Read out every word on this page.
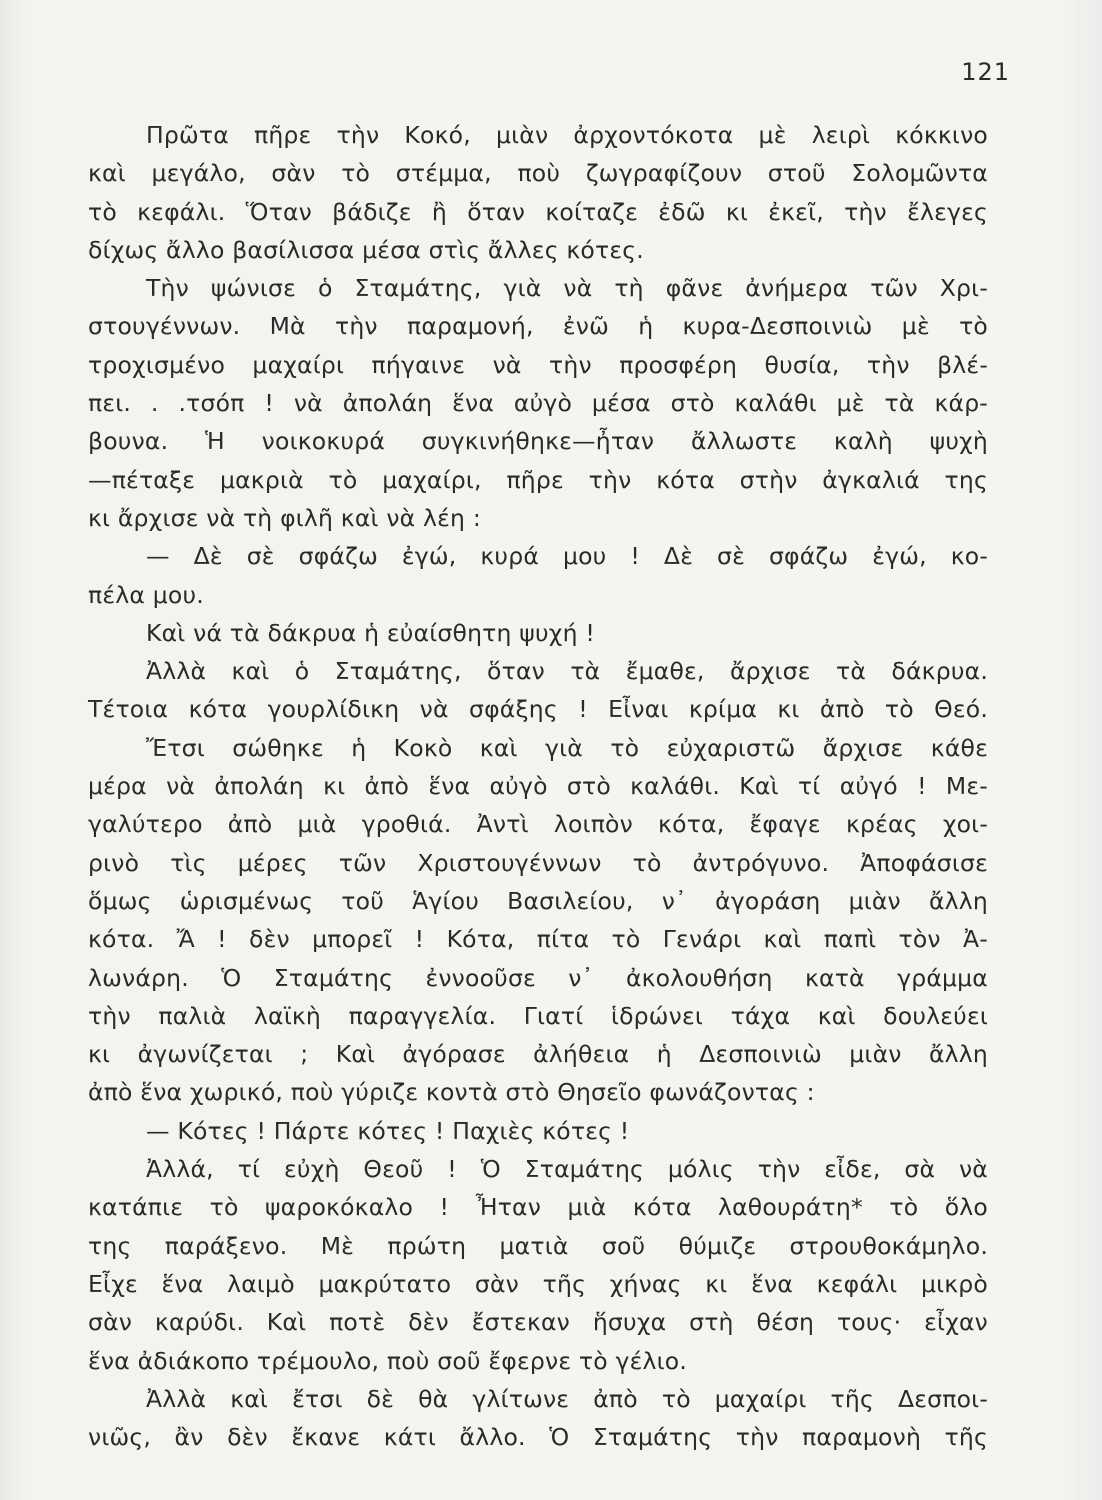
121
Πρῶτα πῆρε τὴν Κοκό, μιὰν ἀρχοντόκοτα μὲ λειρὶ κόκκινο
καὶ μεγάλο, σὰν τὸ στέμμα, ποὺ ζωγραφίζουν στοῦ Σολομῶντα
τὸ κεφάλι. Ὅταν βάδιζε ἢ ὅταν κοίταζε ἐδῶ κι ἐκεῖ, τὴν ἔλεγες
δίχως ἄλλο βασίλισσα μέσα στὶς ἄλλες κότες.
Τὴν ψώνισε ὁ Σταμάτης, γιὰ νὰ τὴ φᾶνε ἀνήμερα τῶν Χρι-
στουγέννων. Μὰ τὴν παραμονή, ἐνῶ ἡ κυρα-Δεσποινιὼ μὲ τὸ
τροχισμένο μαχαίρι πήγαινε νὰ τὴν προσφέρη θυσία, τὴν βλέ-
πει. . .τσόπ ! νὰ ἀπολάη ἕνα αὐγὸ μέσα στὸ καλάθι μὲ τὰ κάρ-
βουνα. Ἡ νοικοκυρά συγκινήθηκε—ἦταν ἄλλωστε καλὴ ψυχὴ
—πέταξε μακριὰ τὸ μαχαίρι, πῆρε τὴν κότα στὴν ἀγκαλιά της
κι ἄρχισε νὰ τὴ φιλῆ καὶ νὰ λέη :
— Δὲ σὲ σφάζω ἐγώ, κυρά μου ! Δὲ σὲ σφάζω ἐγώ, κο-
πέλα μου.
Καὶ νά τὰ δάκρυα ἡ εὐαίσθητη ψυχή !
Ἀλλὰ καὶ ὁ Σταμάτης, ὅταν τὰ ἔμαθε, ἄρχισε τὰ δάκρυα.
Τέτοια κότα γουρλίδικη νὰ σφάξης ! Εἶναι κρίμα κι ἀπὸ τὸ Θεό.
Ἔτσι σώθηκε ἡ Κοκὸ καὶ γιὰ τὸ εὐχαριστῶ ἄρχισε κάθε
μέρα νὰ ἀπολάη κι ἀπὸ ἕνα αὐγὸ στὸ καλάθι. Καὶ τί αὐγό ! Με-
γαλύτερο ἀπὸ μιὰ γροθιά. Ἀντὶ λοιπὸν κότα, ἔφαγε κρέας χοι-
ρινὸ τὶς μέρες τῶν Χριστουγέννων τὸ ἀντρόγυνο. Ἀποφάσισε
ὅμως ὡρισμένως τοῦ Ἁγίου Βασιλείου, ν᾽ ἀγοράση μιὰν ἄλλη
κότα. Ἄ ! δὲν μπορεῖ ! Κότα, πίτα τὸ Γενάρι καὶ παπὶ τὸν Ἀ-
λωνάρη. Ὁ Σταμάτης ἐννοοῦσε ν᾽ ἀκολουθήση κατὰ γράμμα
τὴν παλιὰ λαϊκὴ παραγγελία. Γιατί ἱδρώνει τάχα καὶ δουλεύει
κι ἀγωνίζεται ; Καὶ ἀγόρασε ἀλήθεια ἡ Δεσποινιὼ μιὰν ἄλλη
ἀπὸ ἕνα χωρικό, ποὺ γύριζε κοντὰ στὸ Θησεῖο φωνάζοντας :
— Κότες ! Πάρτε κότες ! Παχιὲς κότες !
Ἀλλά, τί εὐχὴ Θεοῦ ! Ὁ Σταμάτης μόλις τὴν εἶδε, σὰ νὰ
κατάπιε τὸ ψαροκόκαλο ! Ἦταν μιὰ κότα λαθουράτη* τὸ ὅλο
της παράξενο. Μὲ πρώτη ματιὰ σοῦ θύμιζε στρουθοκάμηλο.
Εἶχε ἕνα λαιμὸ μακρύτατο σὰν τῆς χήνας κι ἕνα κεφάλι μικρὸ
σὰν καρύδι. Καὶ ποτὲ δὲν ἔστεκαν ἥσυχα στὴ θέση τους· εἶχαν
ἕνα ἀδιάκοπο τρέμουλο, ποὺ σοῦ ἔφερνε τὸ γέλιο.
Ἀλλὰ καὶ ἔτσι δὲ θὰ γλίτωνε ἀπὸ τὸ μαχαίρι τῆς Δεσποι-
νιῶς, ἂν δὲν ἔκανε κάτι ἄλλο. Ὁ Σταμάτης τὴν παραμονὴ τῆς
